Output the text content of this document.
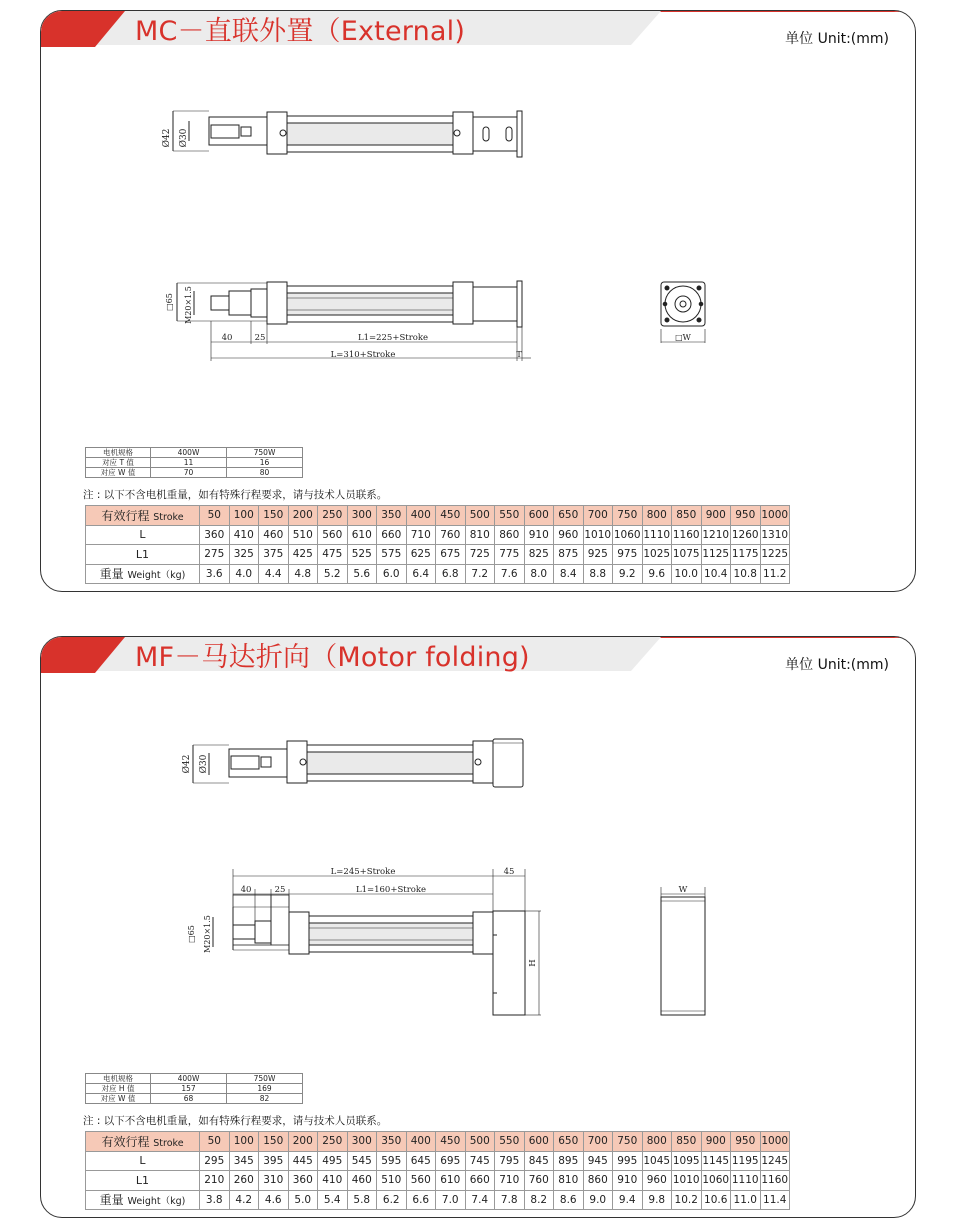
MC－直联外置（External)	单位 Unit:(mm)
Ø42 Ø30
□65 M20×1.5
40	25	L1=225+Stroke
L=310+Stroke	T
□W
电机规格	400W	750W
对应 T 值	11	16
对应 W 值	70	80
注 : 以下不含电机重量，如有特殊行程要求，请与技术人员联系。
有效行程 Stroke	50	100	150	200	250	300	350	400	450	500	550	600	650	700	750	800	850	900	950	1000
L	360	410	460	510	560	610	660	710	760	810	860	910	960	1010	1060	1110	1160	1210	1260	1310
L1	275	325	375	425	475	525	575	625	675	725	775	825	875	925	975	1025	1075	1125	1175	1225
重量 Weight（kg)	3.6	4.0	4.4	4.8	5.2	5.6	6.0	6.4	6.8	7.2	7.6	8.0	8.4	8.8	9.2	9.6	10.0	10.4	10.8	11.2
MF－马达折向（Motor folding)	单位 Unit:(mm)
Ø42 Ø30
L=245+Stroke	45
40	25	L1=160+Stroke
□65 M20×1.5
H
W
电机规格	400W	750W
对应 H 值	157	169
对应 W 值	68	82
注 : 以下不含电机重量，如有特殊行程要求，请与技术人员联系。
有效行程 Stroke	50	100	150	200	250	300	350	400	450	500	550	600	650	700	750	800	850	900	950	1000
L	295	345	395	445	495	545	595	645	695	745	795	845	895	945	995	1045	1095	1145	1195	1245
L1	210	260	310	360	410	460	510	560	610	660	710	760	810	860	910	960	1010	1060	1110	1160
重量 Weight（kg)	3.8	4.2	4.6	5.0	5.4	5.8	6.2	6.6	7.0	7.4	7.8	8.2	8.6	9.0	9.4	9.8	10.2	10.6	11.0	11.4
